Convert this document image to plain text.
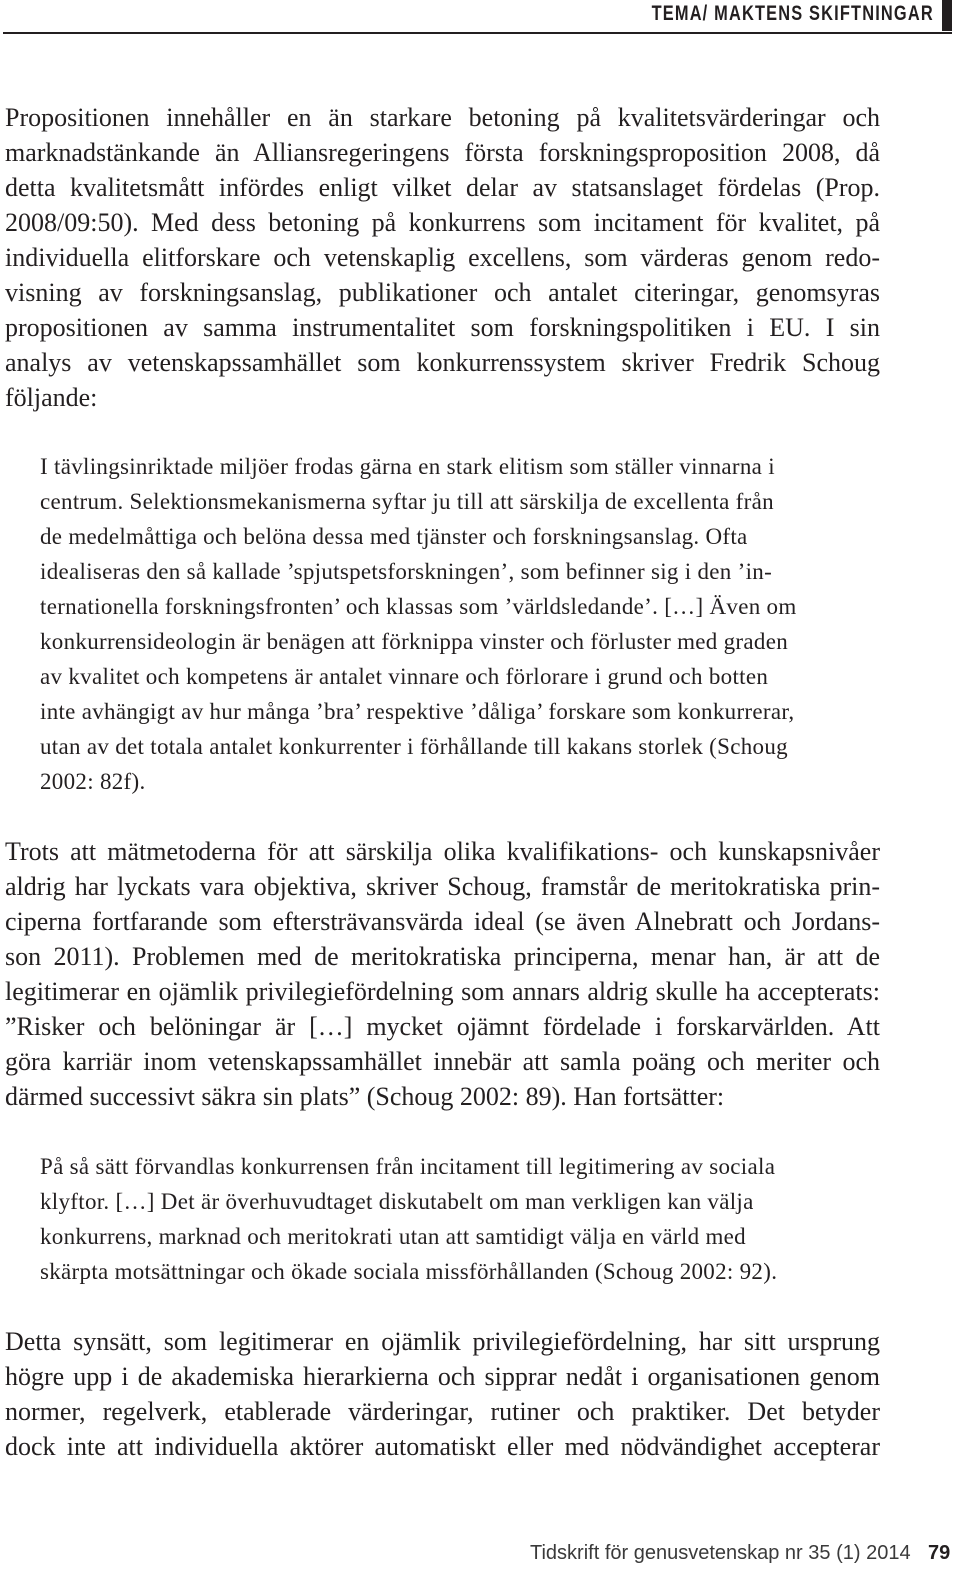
TEMA/ MAKTENS SKIFTNINGAR
Propositionen innehåller en än starkare betoning på kvalitetsvärderingar och
marknadstänkande än Alliansregeringens första forskningsproposition 2008, då
detta kvalitetsmått infördes enligt vilket delar av statsanslaget fördelas (Prop.
2008/09:50). Med dess betoning på konkurrens som incitament för kvalitet, på
individuella elitforskare och vetenskaplig excellens, som värderas genom redo-
visning av forskningsanslag, publikationer och antalet citeringar, genomsyras
propositionen av samma instrumentalitet som forskningspolitiken i EU. I sin
analys av vetenskapssamhället som konkurrenssystem skriver Fredrik Schoug
följande:
I tävlingsinriktade miljöer frodas gärna en stark elitism som ställer vinnarna i
centrum. Selektionsmekanismerna syftar ju till att särskilja de excellenta från
de medelmåttiga och belöna dessa med tjänster och forskningsanslag. Ofta
idealiseras den så kallade ’spjutspetsforskningen’, som befinner sig i den ’in-
ternationella forskningsfronten’ och klassas som ’världsledande’. […] Även om
konkurrensideologin är benägen att förknippa vinster och förluster med graden
av kvalitet och kompetens är antalet vinnare och förlorare i grund och botten
inte avhängigt av hur många ’bra’ respektive ’dåliga’ forskare som konkurrerar,
utan av det totala antalet konkurrenter i förhållande till kakans storlek (Schoug
2002: 82f).
Trots att mätmetoderna för att särskilja olika kvalifikations- och kunskapsnivåer
aldrig har lyckats vara objektiva, skriver Schoug, framstår de meritokratiska prin-
ciperna fortfarande som eftersträvansvärda ideal (se även Alnebratt och Jordans-
son 2011). Problemen med de meritokratiska principerna, menar han, är att de
legitimerar en ojämlik privilegiefördelning som annars aldrig skulle ha accepterats:
”Risker och belöningar är […] mycket ojämnt fördelade i forskarvärlden. Att
göra karriär inom vetenskapssamhället innebär att samla poäng och meriter och
därmed successivt säkra sin plats” (Schoug 2002: 89). Han fortsätter:
På så sätt förvandlas konkurrensen från incitament till legitimering av sociala
klyftor. […] Det är överhuvudtaget diskutabelt om man verkligen kan välja
konkurrens, marknad och meritokrati utan att samtidigt välja en värld med
skärpta motsättningar och ökade sociala missförhållanden (Schoug 2002: 92).
Detta synsätt, som legitimerar en ojämlik privilegiefördelning, har sitt ursprung
högre upp i de akademiska hierarkierna och sipprar nedåt i organisationen genom
normer, regelverk, etablerade värderingar, rutiner och praktiker. Det betyder
dock inte att individuella aktörer automatiskt eller med nödvändighet accepterar
Tidskrift för genusvetenskap nr 35 (1) 2014 79
